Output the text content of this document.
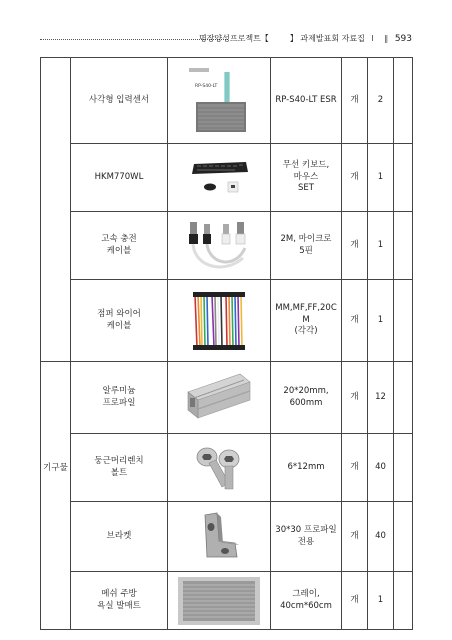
명장양성프로젝트【	】 과제발표회 자료집 I ‖ 593
	사각형 입력센서	RP-S40-LT	RP-S40-LT ESR	개	2	
	HKM770WL		무선 키보드,
마우스
SET	개	1	
	고속 충전
케이블		2M, 마이크로
5핀	개	1	
	점퍼 와이어
케이블		MM,MF,FF,20C
M
(각각)	개	1	
기구물	알루미늄
프로파일		20*20mm,
600mm	개	12	
	둥근머리렌치
볼트		6*12mm	개	40	
	브라켓		30*30 프로파일
전용	개	40	
	메쉬 주방
욕실 발매트		그레이,
40cm*60cm	개	1	
